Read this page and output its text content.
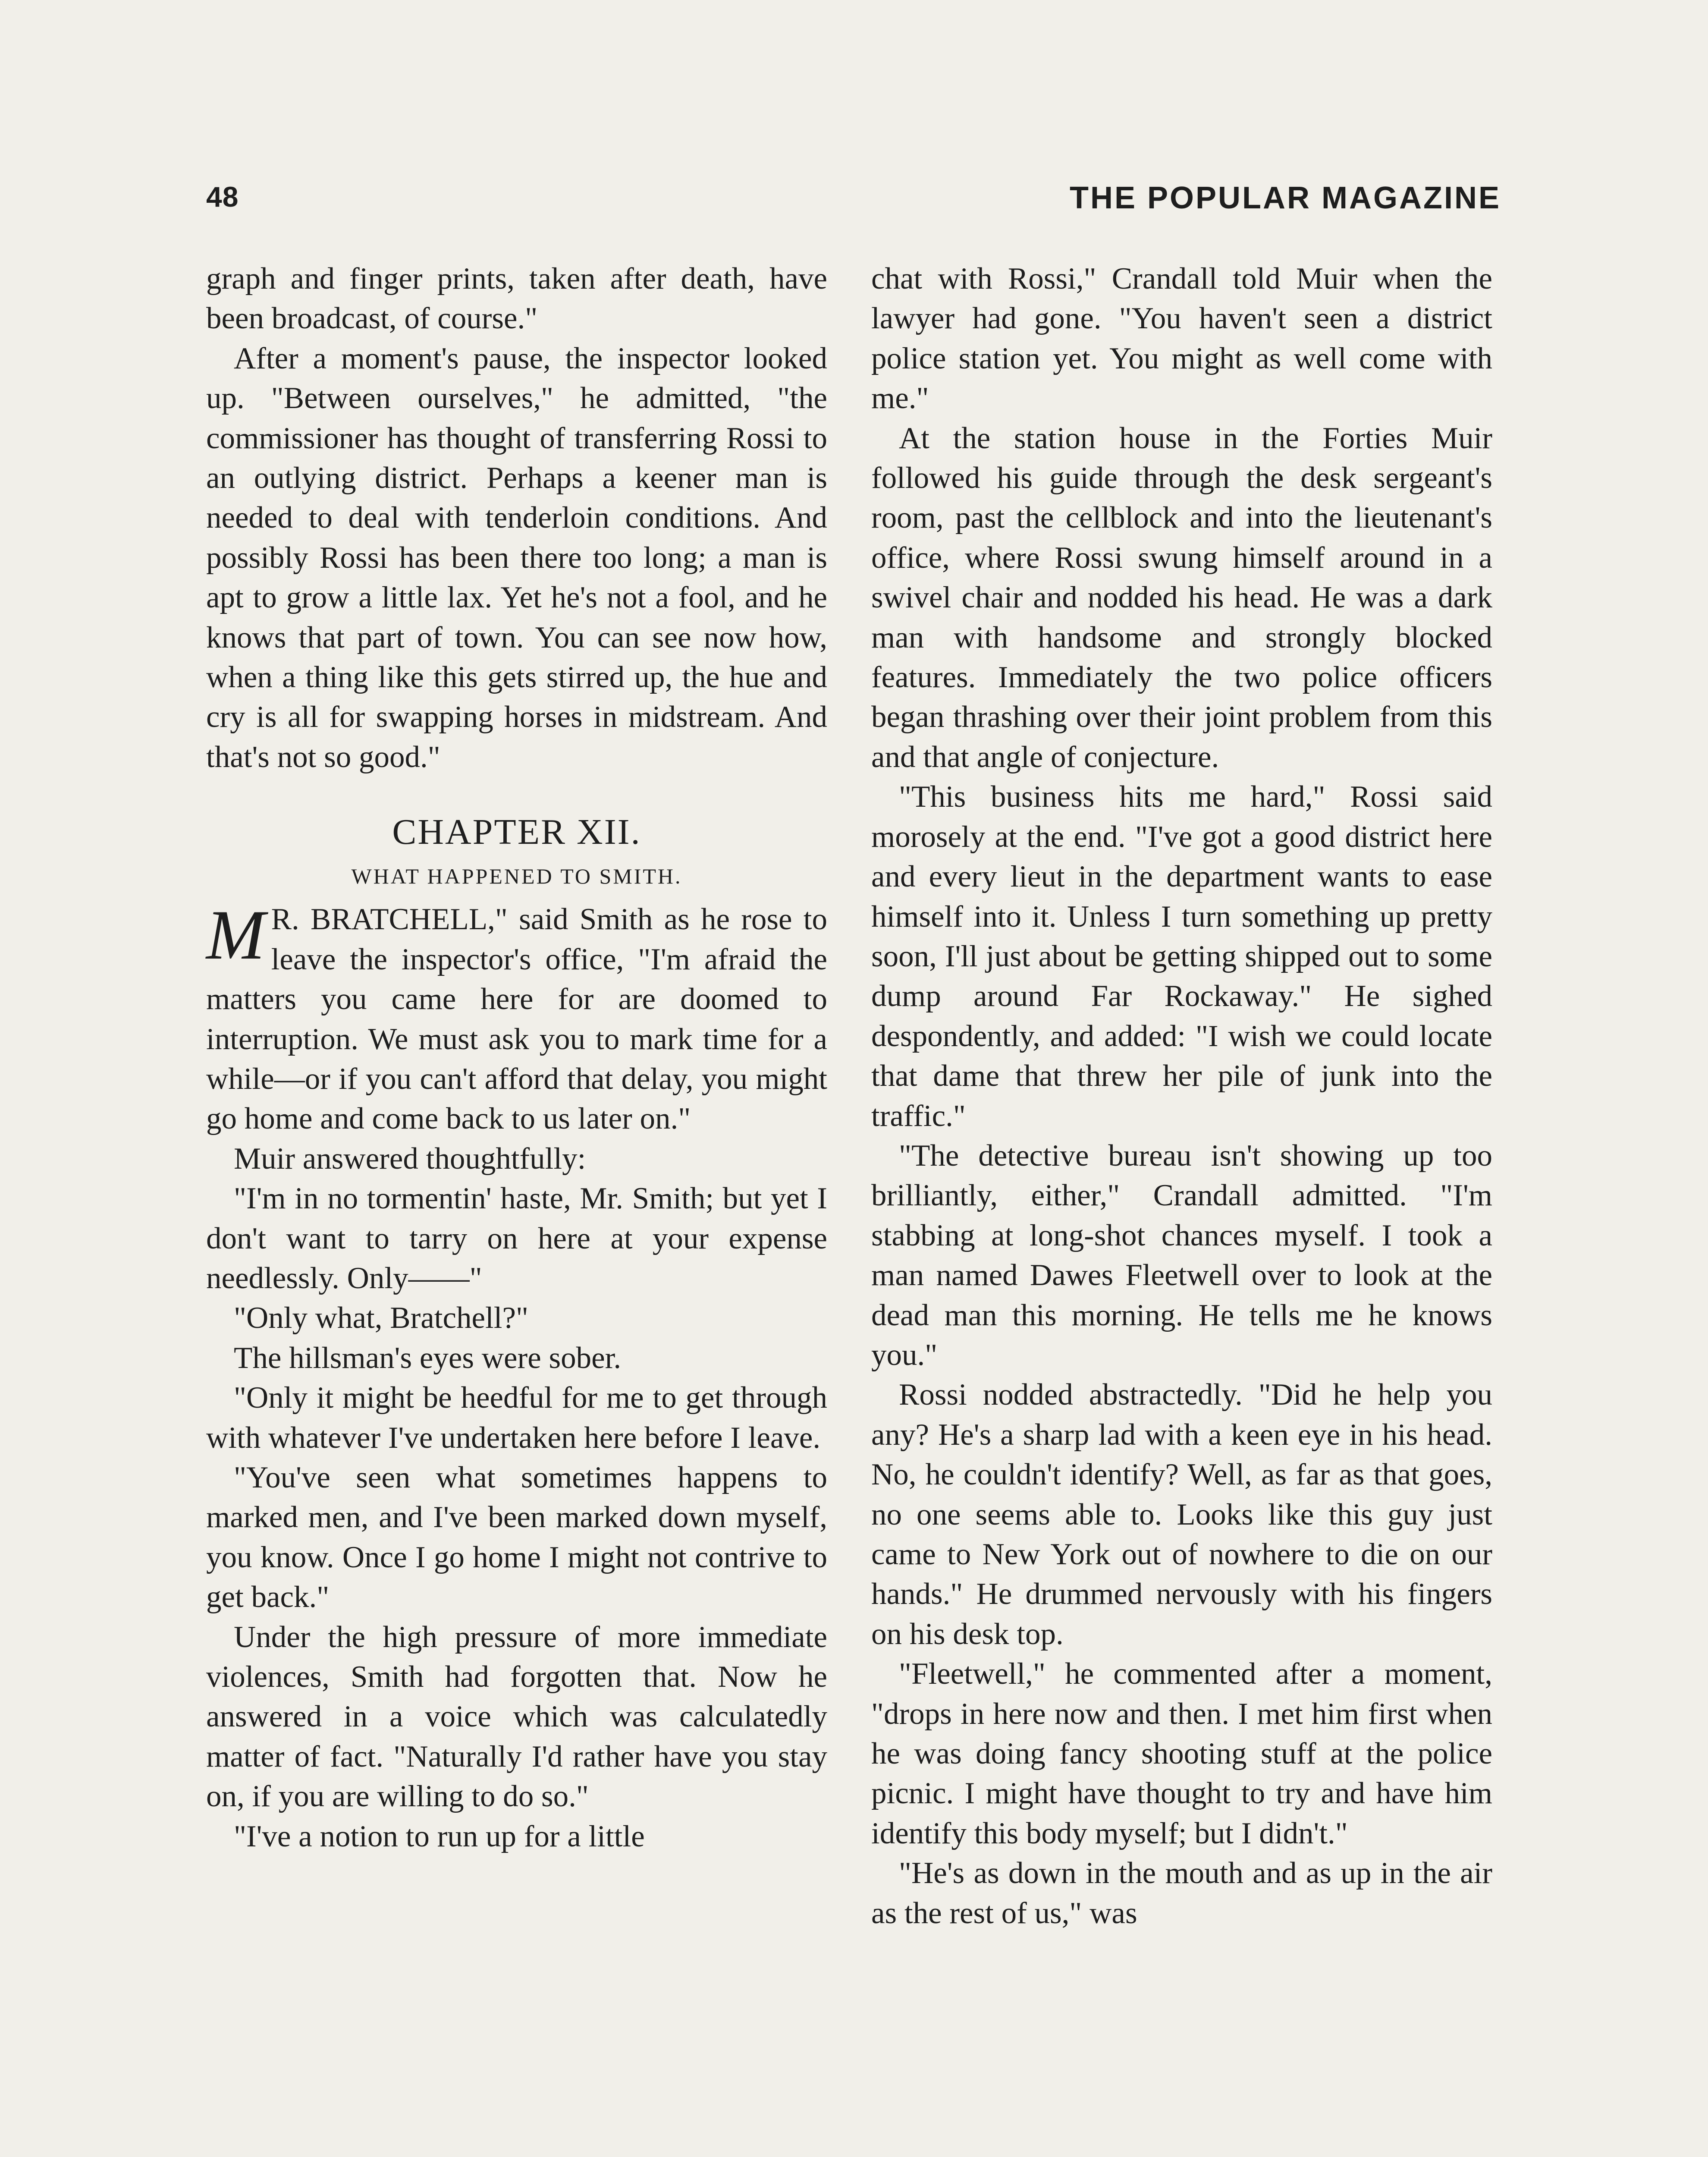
48	THE POPULAR MAGAZINE

graph and finger prints, taken after death, have been broadcast, of course."

After a moment's pause, the inspector looked up. "Between ourselves," he admitted, "the commissioner has thought of transferring Rossi to an outlying district. Perhaps a keener man is needed to deal with tenderloin conditions. And possibly Rossi has been there too long; a man is apt to grow a little lax. Yet he's not a fool, and he knows that part of town. You can see now how, when a thing like this gets stirred up, the hue and cry is all for swapping horses in midstream. And that's not so good."

CHAPTER XII.
WHAT HAPPENED TO SMITH.

M R. BRATCHELL," said Smith as he rose to leave the inspector's office, "I'm afraid the matters you came here for are doomed to interruption. We must ask you to mark time for a while—or if you can't afford that delay, you might go home and come back to us later on."

Muir answered thoughtfully:

"I'm in no tormentin' haste, Mr. Smith; but yet I don't want to tarry on here at your expense needlessly. Only——"

"Only what, Bratchell?"

The hillsman's eyes were sober.

"Only it might be heedful for me to get through with whatever I've undertaken here before I leave.

"You've seen what sometimes happens to marked men, and I've been marked down myself, you know. Once I go home I might not contrive to get back."

Under the high pressure of more immediate violences, Smith had forgotten that. Now he answered in a voice which was calculatedly matter of fact. "Naturally I'd rather have you stay on, if you are willing to do so."

"I've a notion to run up for a little

chat with Rossi," Crandall told Muir when the lawyer had gone. "You haven't seen a district police station yet. You might as well come with me."

At the station house in the Forties Muir followed his guide through the desk sergeant's room, past the cellblock and into the lieutenant's office, where Rossi swung himself around in a swivel chair and nodded his head. He was a dark man with handsome and strongly blocked features. Immediately the two police officers began thrashing over their joint problem from this and that angle of conjecture.

"This business hits me hard," Rossi said morosely at the end. "I've got a good district here and every lieut in the department wants to ease himself into it. Unless I turn something up pretty soon, I'll just about be getting shipped out to some dump around Far Rockaway." He sighed despondently, and added: "I wish we could locate that dame that threw her pile of junk into the traffic."

"The detective bureau isn't showing up too brilliantly, either," Crandall admitted. "I'm stabbing at long-shot chances myself. I took a man named Dawes Fleetwell over to look at the dead man this morning. He tells me he knows you."

Rossi nodded abstractedly. "Did he help you any? He's a sharp lad with a keen eye in his head. No, he couldn't identify? Well, as far as that goes, no one seems able to. Looks like this guy just came to New York out of nowhere to die on our hands." He drummed nervously with his fingers on his desk top.

"Fleetwell," he commented after a moment, "drops in here now and then. I met him first when he was doing fancy shooting stuff at the police picnic. I might have thought to try and have him identify this body myself; but I didn't."

"He's as down in the mouth and as up in the air as the rest of us," was
